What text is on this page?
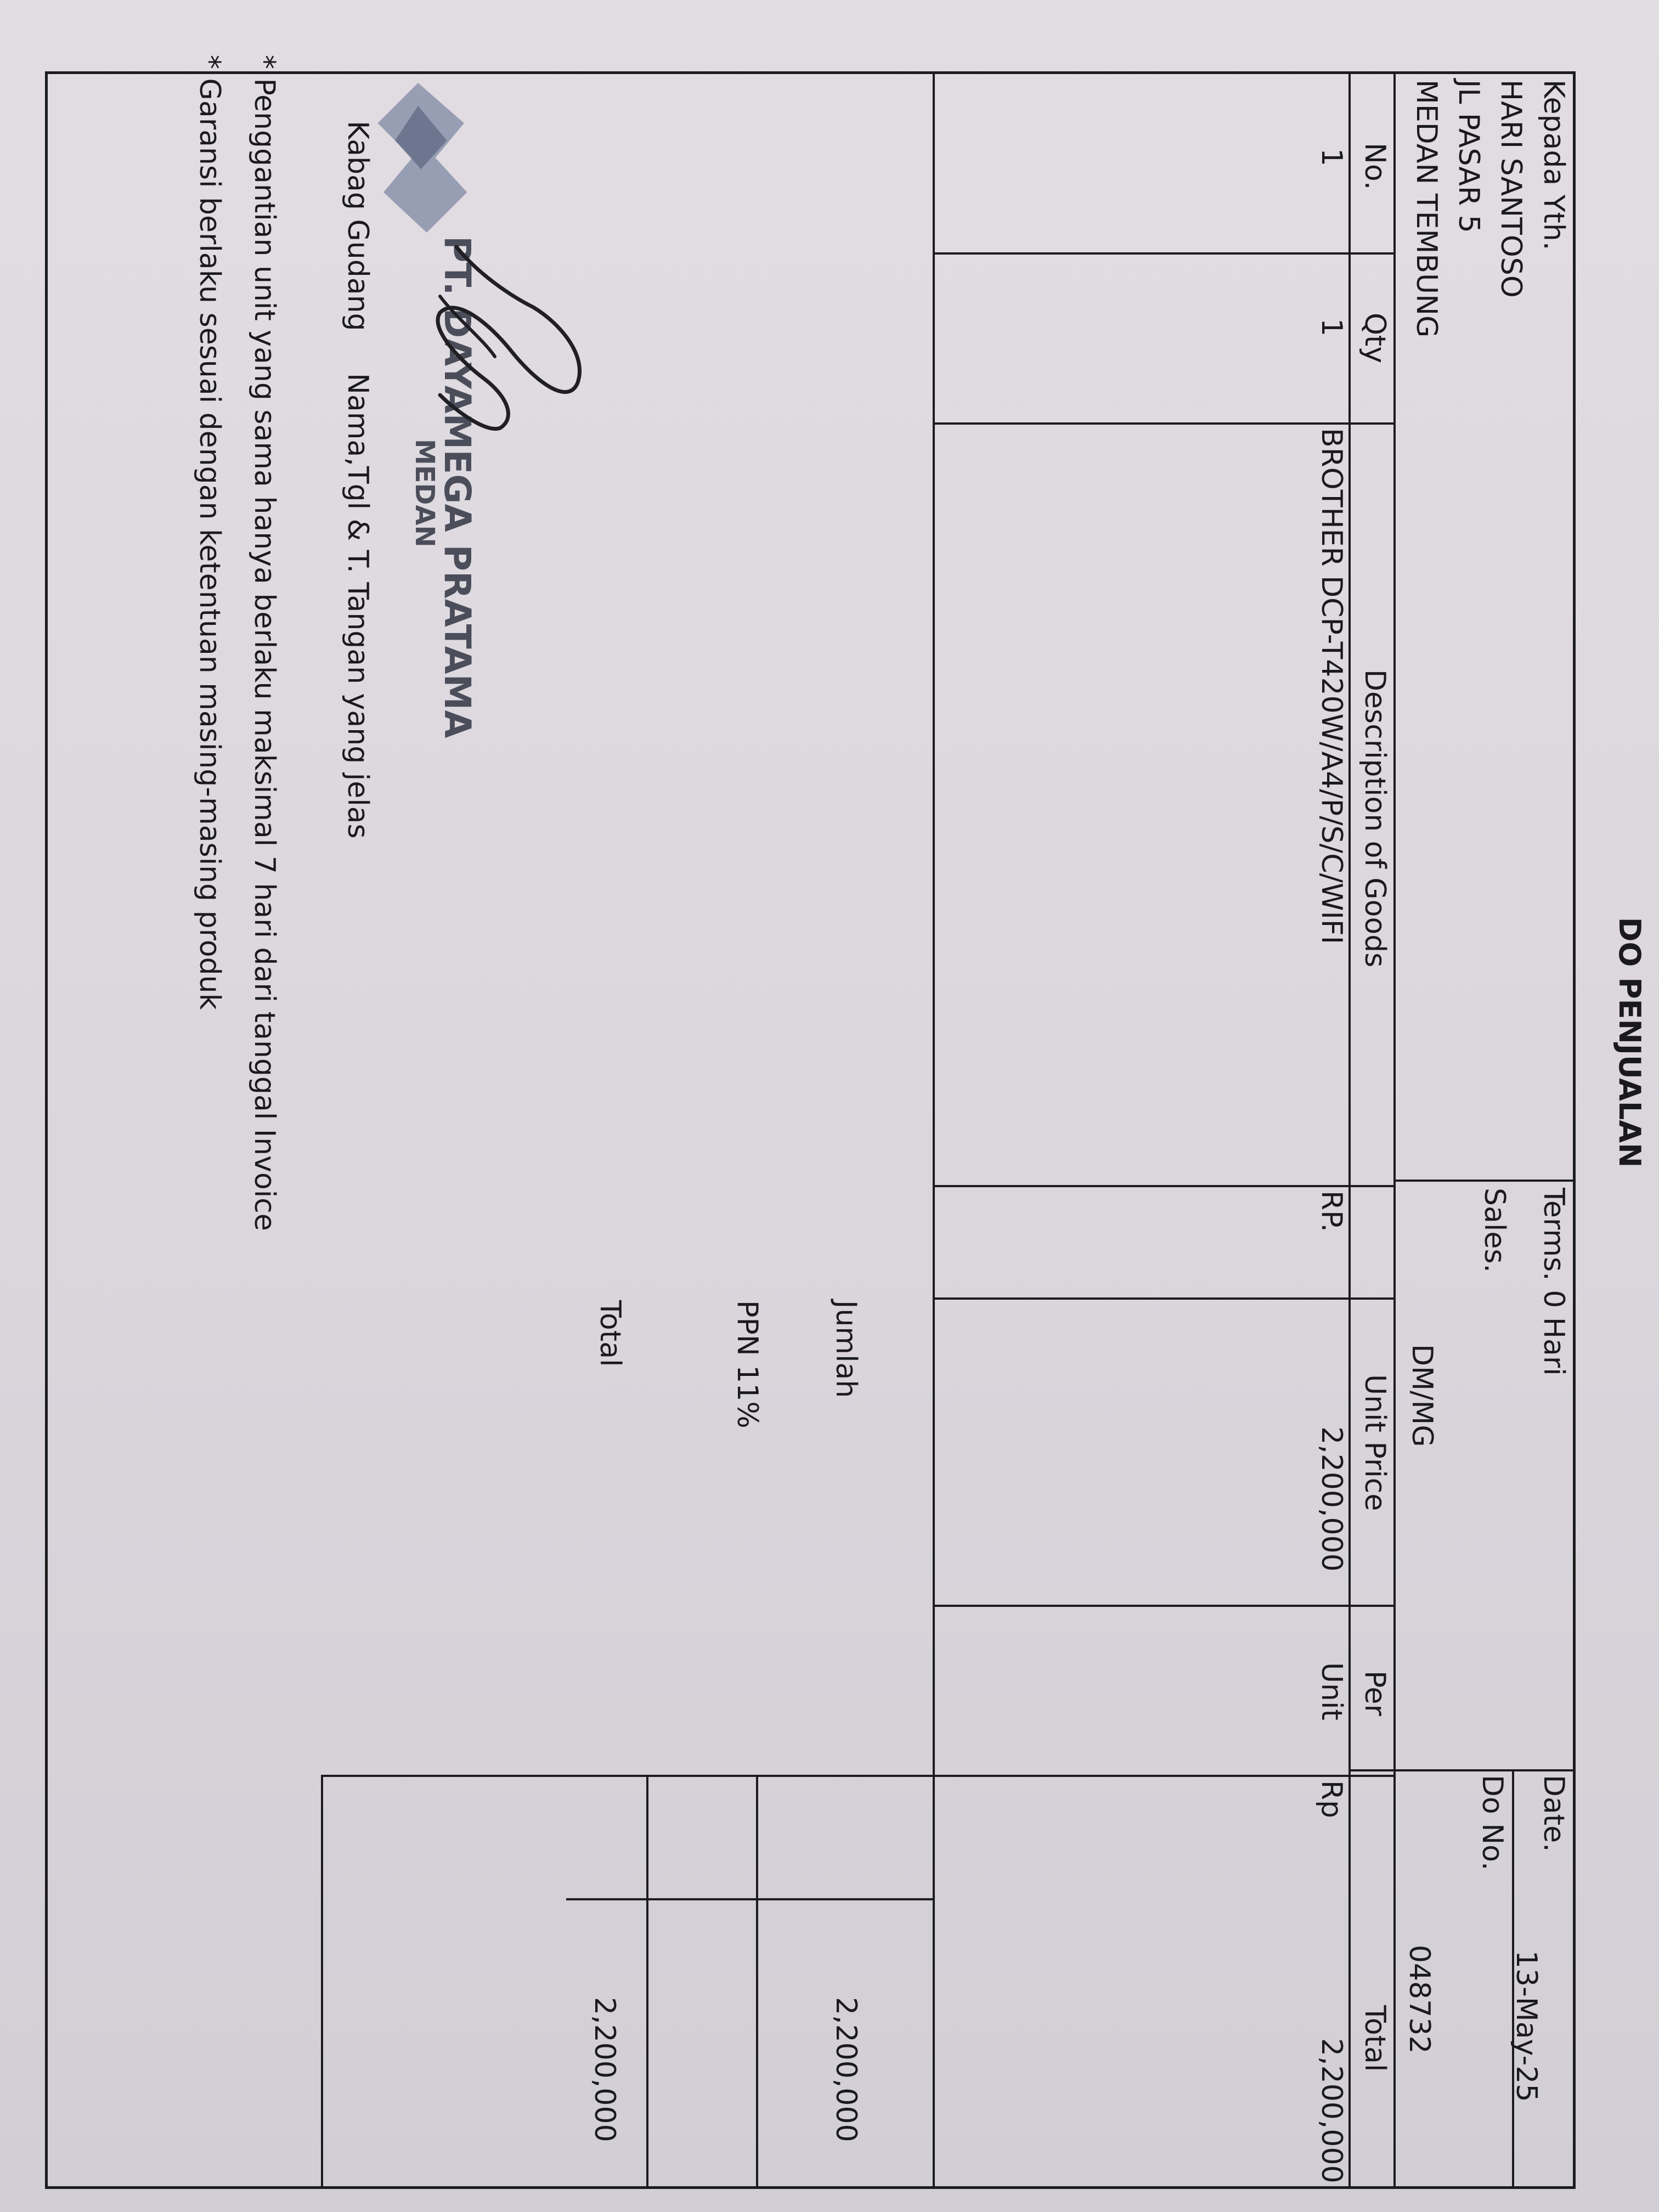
DO PENJUALAN
Kepada Yth.
HARI SANTOSO
JL PASAR 5
MEDAN TEMBUNG
Terms. 0 Hari
Sales.
DM/MG
Date.
13-May-25
Do No.
048732
No.
Qty
Description of Goods
Unit Price
Per
Total
1
1
BROTHER DCP-T420W/A4/P/S/C/WIFI
RP.
2,200,000
Unit
Rp
2,200,000
Jumlah
2,200,000
PPN 11%
Total
2,200,000
PT. DAYAMEGA PRATAMA
MEDAN
Kabag Gudang
Nama,Tgl & T. Tangan yang jelas
* Penggantian unit yang sama hanya berlaku maksimal 7 hari dari tanggal Invoice
* Garansi berlaku sesuai dengan ketentuan masing-masing produk
